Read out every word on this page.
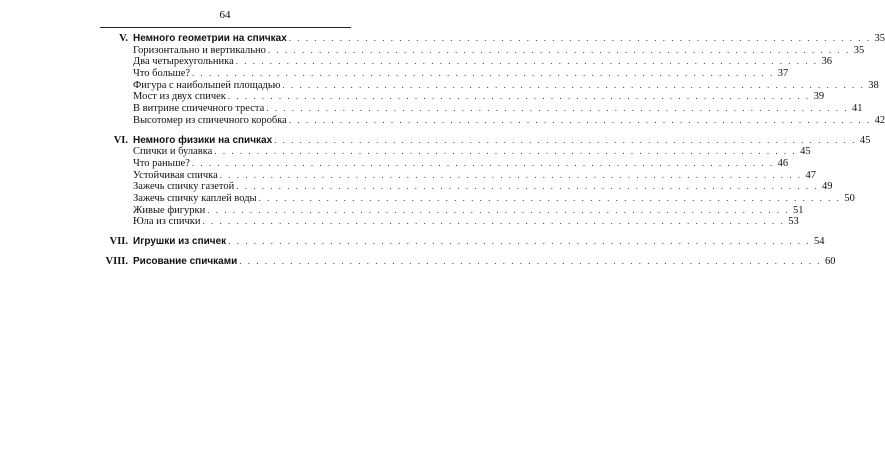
64
V. Немного геометрии на спичках . . .	35
Горизонтально и вертикально . . .	35
Два четырехугольника . . .	36
Что больше? . . .	37
Фигура с наибольшей площадью . . .	38
Мост из двух спичек . . .	39
В витрине спичечного треста . . .	41
Высотомер из спичечного коробка . . .	42
VI. Немного физики на спичках . . .	45
Спички и булавка . . .	45
Что раньше? . . .	46
Устойчивая спичка . . .	47
Зажечь спичку газетой . . .	49
Зажечь спичку каплей воды . . .	50
Живые фигурки . . .	51
Юла из спички . . .	53
VII. Игрушки из спичек . . .	54
VIII. Рисование спичками . . .	60
